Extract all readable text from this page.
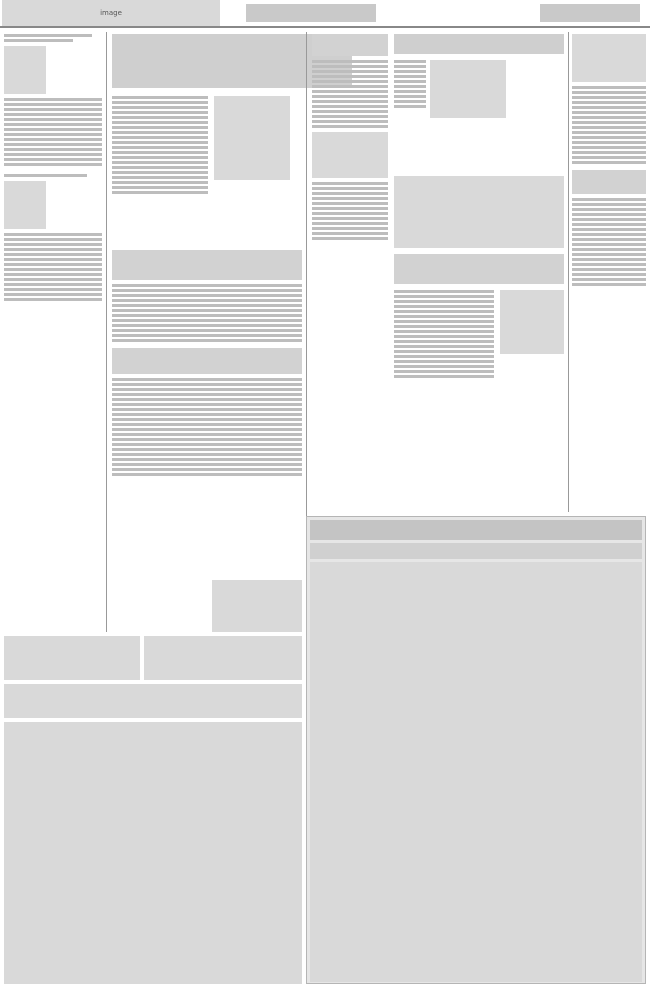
image
